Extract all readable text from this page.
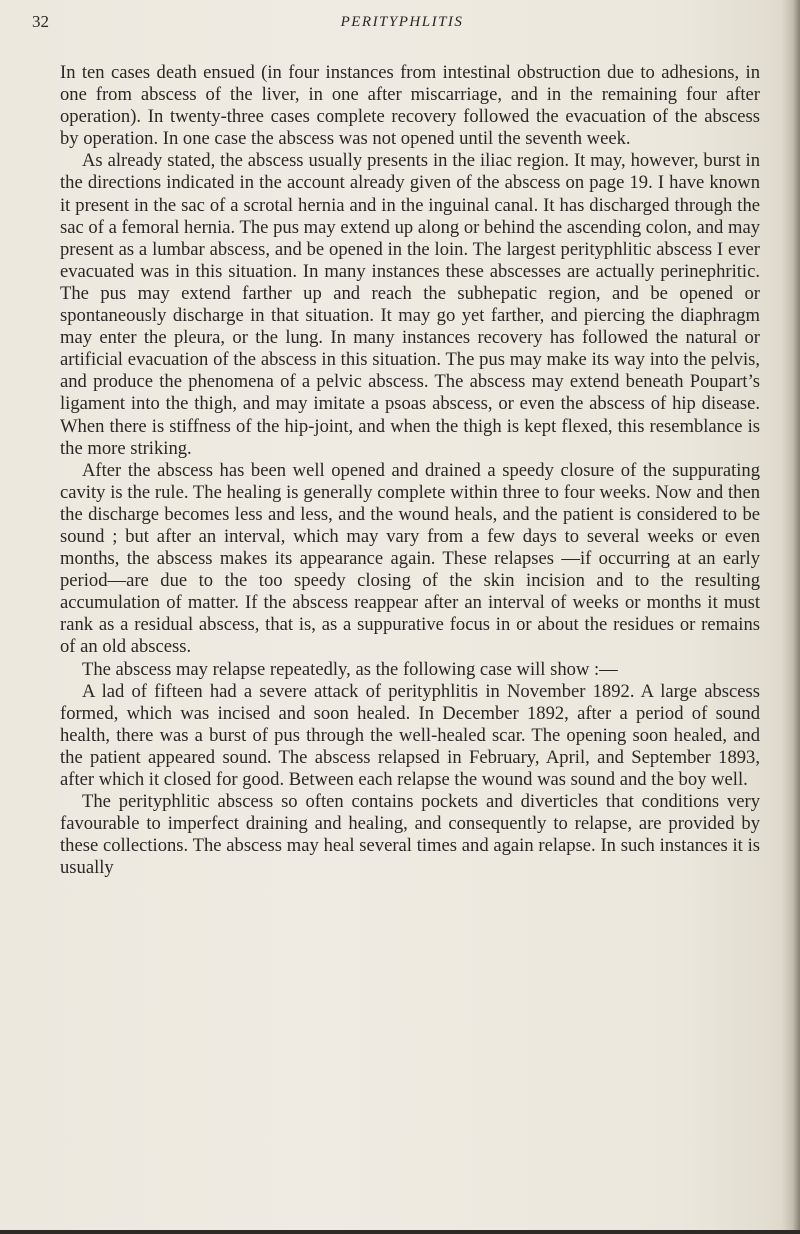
32	PERITYPHLITIS

In ten cases death ensued (in four instances from intestinal obstruction due to adhesions, in one from abscess of the liver, in one after miscarriage, and in the remaining four after operation). In twenty-three cases complete recovery followed the evacuation of the abscess by operation. In one case the abscess was not opened until the seventh week.

As already stated, the abscess usually presents in the iliac region. It may, however, burst in the directions indicated in the account already given of the abscess on page 19. I have known it present in the sac of a scrotal hernia and in the inguinal canal. It has discharged through the sac of a femoral hernia. The pus may extend up along or behind the ascending colon, and may present as a lumbar abscess, and be opened in the loin. The largest perityphlitic abscess I ever evacuated was in this situation. In many instances these abscesses are actually perinephritic. The pus may extend farther up and reach the subhepatic region, and be opened or spontaneously discharge in that situation. It may go yet farther, and piercing the diaphragm may enter the pleura, or the lung. In many instances recovery has followed the natural or artificial evacuation of the abscess in this situation. The pus may make its way into the pelvis, and produce the phenomena of a pelvic abscess. The abscess may extend beneath Poupart’s ligament into the thigh, and may imitate a psoas abscess, or even the abscess of hip disease. When there is stiffness of the hip-joint, and when the thigh is kept flexed, this resemblance is the more striking.

After the abscess has been well opened and drained a speedy closure of the suppurating cavity is the rule. The healing is generally complete within three to four weeks. Now and then the discharge becomes less and less, and the wound heals, and the patient is considered to be sound ; but after an interval, which may vary from a few days to several weeks or even months, the abscess makes its appearance again. These relapses —if occurring at an early period—are due to the too speedy closing of the skin incision and to the resulting accumulation of matter. If the abscess reappear after an interval of weeks or months it must rank as a residual abscess, that is, as a suppurative focus in or about the residues or remains of an old abscess.

The abscess may relapse repeatedly, as the following case will show :—

A lad of fifteen had a severe attack of perityphlitis in November 1892. A large abscess formed, which was incised and soon healed. In December 1892, after a period of sound health, there was a burst of pus through the well-healed scar. The opening soon healed, and the patient appeared sound. The abscess relapsed in February, April, and September 1893, after which it closed for good. Between each relapse the wound was sound and the boy well.

The perityphlitic abscess so often contains pockets and diverticles that conditions very favourable to imperfect draining and healing, and consequently to relapse, are provided by these collections. The abscess may heal several times and again relapse. In such instances it is usually
